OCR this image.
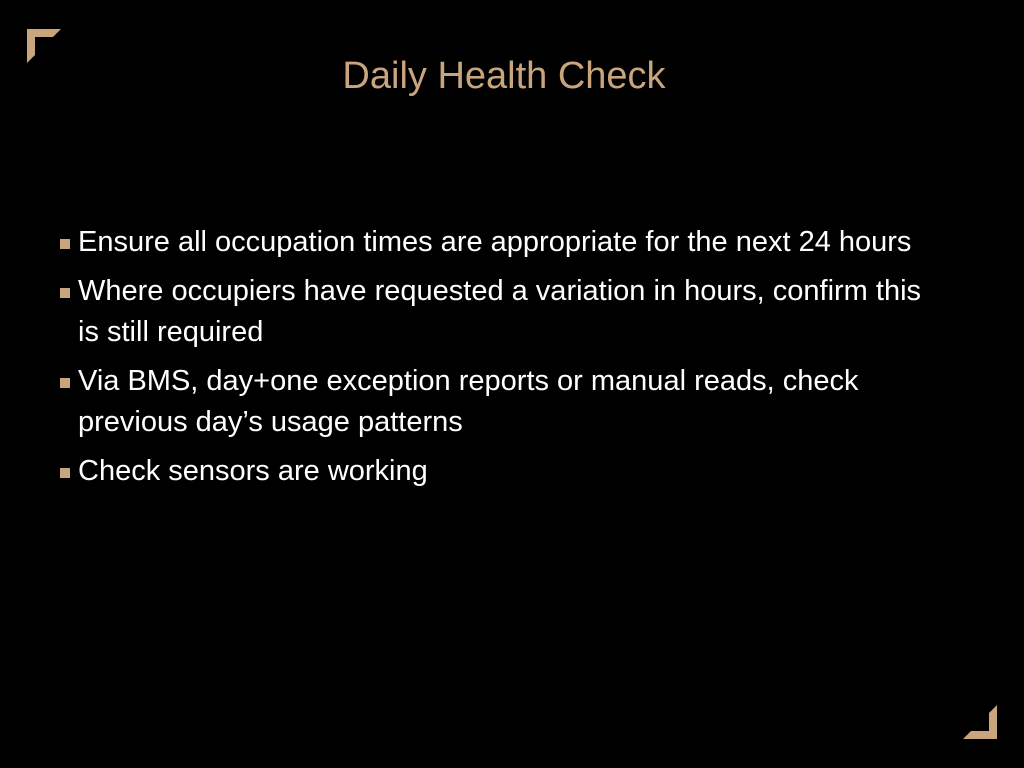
Daily Health Check
Ensure all occupation times are appropriate for the next 24 hours
Where occupiers have requested a variation in hours, confirm this is still required
Via BMS, day+one exception reports or manual reads, check previous day’s usage patterns
Check sensors are working
